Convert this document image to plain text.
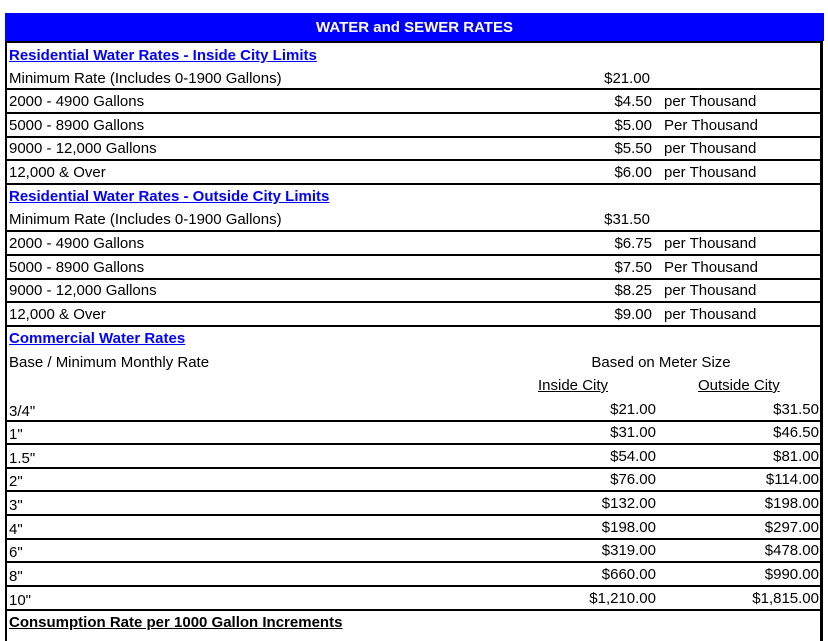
WATER and SEWER RATES
Residential Water Rates - Inside City Limits
Minimum Rate (Includes 0-1900 Gallons)	$21.00
2000 - 4900 Gallons	$4.50 per Thousand
5000 - 8900 Gallons	$5.00 Per Thousand
9000 - 12,000 Gallons	$5.50 per Thousand
12,000 & Over	$6.00 per Thousand
Residential Water Rates - Outside City Limits
Minimum Rate (Includes 0-1900 Gallons)	$31.50
2000 - 4900 Gallons	$6.75 per Thousand
5000 - 8900 Gallons	$7.50 Per Thousand
9000 - 12,000 Gallons	$8.25 per Thousand
12,000 & Over	$9.00 per Thousand
Commercial Water Rates
Base / Minimum Monthly Rate	Based on Meter Size
Inside City	Outside City
3/4"	$21.00	$31.50
1"	$31.00	$46.50
1.5"	$54.00	$81.00
2"	$76.00	$114.00
3"	$132.00	$198.00
4"	$198.00	$297.00
6"	$319.00	$478.00
8"	$660.00	$990.00
10"	$1,210.00	$1,815.00
Consumption Rate per 1000 Gallon Increments
